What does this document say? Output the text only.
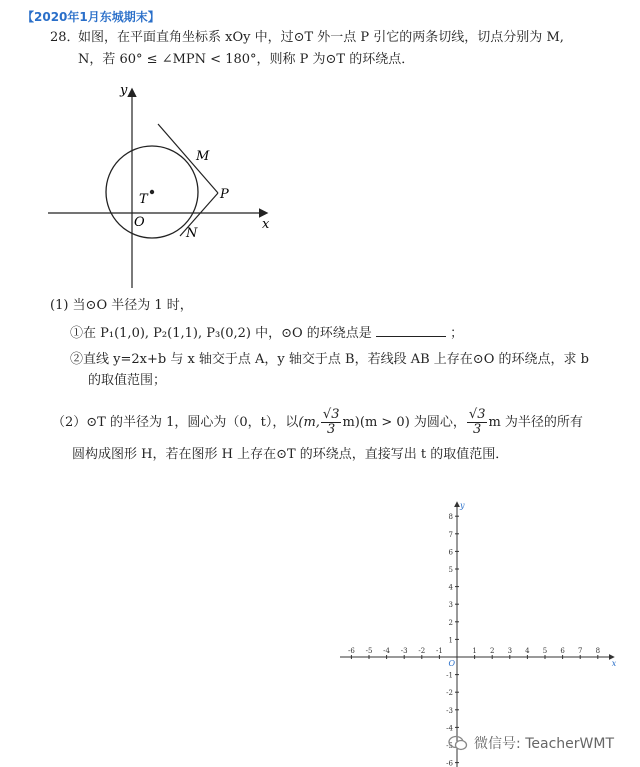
【2020年1月东城期末】
28．
如图，在平面直角坐标系 xOy 中，过⊙T 外一点 P 引它的两条切线，切点分别为 M,
N，若 60° ≤ ∠MPN < 180°，则称 P 为⊙T 的环绕点．
y
x
O
T
M
N
P
(1) 当⊙O 半径为 1 时，
①在 P₁(1,0), P₂(1,1), P₃(0,2) 中，⊙O 的环绕点是	；
②直线 y=2x+b 与 x 轴交于点 A，y 轴交于点 B，若线段 AB 上存在⊙O 的环绕点，求 b
的取值范围；
（2）⊙T 的半径为 1，圆心为（0，t），以 (m, $\frac{√3}{3} m)(m > 0)$ 为圆心， $\frac{√3}{3}$ m 为半径的所有
圆构成图形 H，若在图形 H 上存在⊙T 的环绕点，直接写出 t 的取值范围．
-6 -5 -4 -3 -2 -1	1 2 3 4 5 6 7 8
8
7
6
5
4
3
2
1
-1
-2
-3
-4
-5
-6
O	x
y
微信号: TeacherWMT
